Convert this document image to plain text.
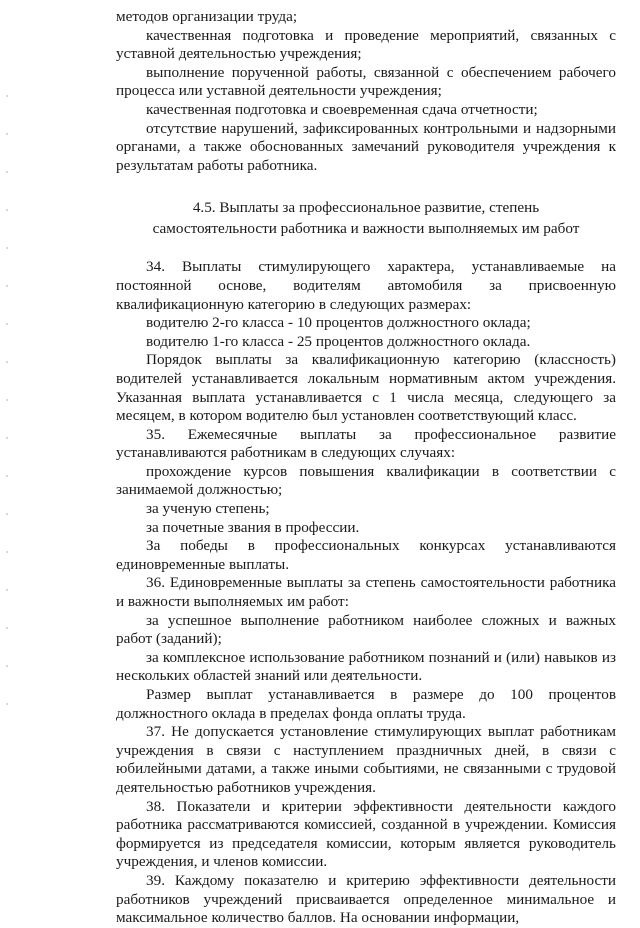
методов организации труда;

качественная подготовка и проведение мероприятий, связанных с уставной деятельностью учреждения;

выполнение порученной работы, связанной с обеспечением рабочего процесса или уставной деятельности учреждения;

качественная подготовка и своевременная сдача отчетности;

отсутствие нарушений, зафиксированных контрольными и надзорными органами, а также обоснованных замечаний руководителя учреждения к результатам работы работника.

4.5. Выплаты за профессиональное развитие, степень
самостоятельности работника и важности выполняемых им работ

34. Выплаты стимулирующего характера, устанавливаемые на постоянной основе, водителям автомобиля за присвоенную квалификационную категорию в следующих размерах:

водителю 2-го класса - 10 процентов должностного оклада;

водителю 1-го класса - 25 процентов должностного оклада.

Порядок выплаты за квалификационную категорию (классность) водителей устанавливается локальным нормативным актом учреждения. Указанная выплата устанавливается с 1 числа месяца, следующего за месяцем, в котором водителю был установлен соответствующий класс.

35. Ежемесячные выплаты за профессиональное развитие устанавливаются работникам в следующих случаях:

прохождение курсов повышения квалификации в соответствии с занимаемой должностью;

за ученую степень;

за почетные звания в профессии.

За победы в профессиональных конкурсах устанавливаются единовременные выплаты.

36. Единовременные выплаты за степень самостоятельности работника и важности выполняемых им работ:

за успешное выполнение работником наиболее сложных и важных работ (заданий);

за комплексное использование работником познаний и (или) навыков из нескольких областей знаний или деятельности.

Размер выплат устанавливается в размере до 100 процентов должностного оклада в пределах фонда оплаты труда.

37. Не допускается установление стимулирующих выплат работникам учреждения в связи с наступлением праздничных дней, в связи с юбилейными датами, а также иными событиями, не связанными с трудовой деятельностью работников учреждения.

38. Показатели и критерии эффективности деятельности каждого работника рассматриваются комиссией, созданной в учреждении. Комиссия формируется из председателя комиссии, которым является руководитель учреждения, и членов комиссии.

39. Каждому показателю и критерию эффективности деятельности работников учреждений присваивается определенное минимальное и максимальное количество баллов. На основании информации,
